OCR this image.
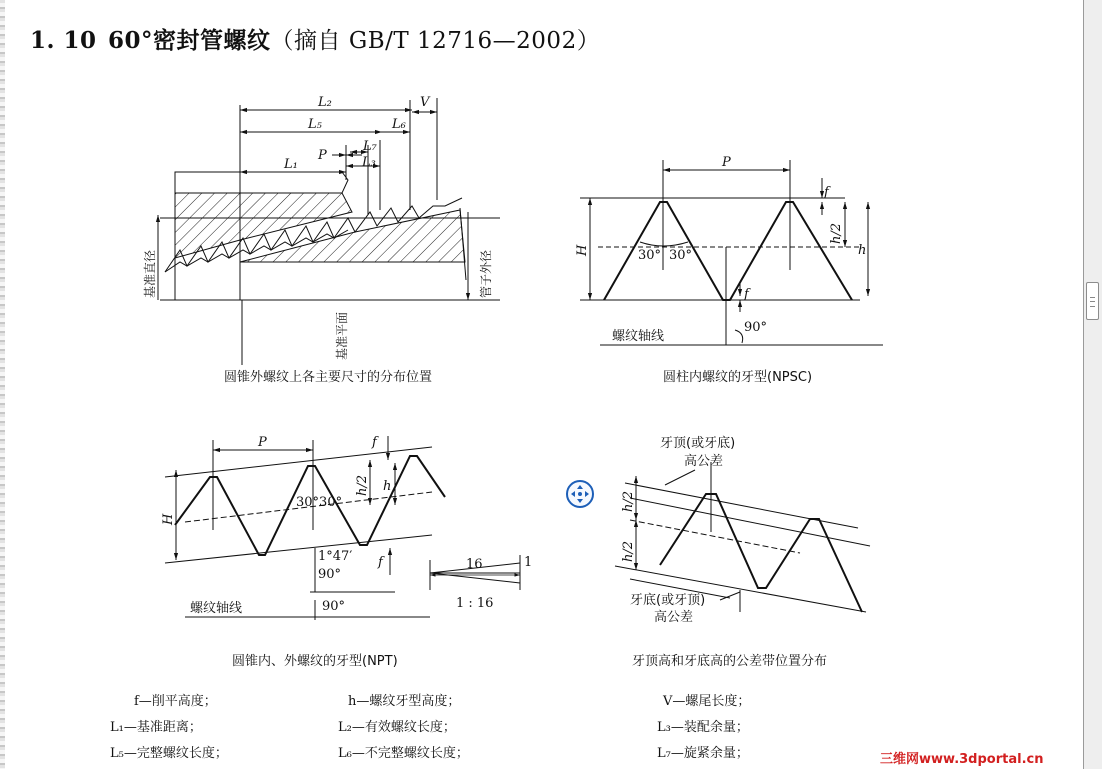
1. 10 60°密封管螺纹（摘自 GB/T 12716—2002）
L₂
L₅	L₆
V
L₇
P
L₁	L₃
基准直径
基准平面
管子外径
P
f
h/2
h
H	30° 30°
f
90°
螺纹轴线
P	f
h/2 h
H
30°30°
1°47′
90°
f
螺纹轴线	90°
16	1
1 : 16
牙顶(或牙底)
高公差
h/2
h/2
牙底(或牙顶)
高公差
圆锥外螺纹上各主要尺寸的分布位置	圆柱内螺纹的牙型(NPSC)
圆锥内、外螺纹的牙型(NPT)	牙顶高和牙底高的公差带位置分布
f—削平高度；	h—螺纹牙型高度；	V—螺尾长度；
L₁—基准距离；	L₂—有效螺纹长度；	L₃—装配余量；
L₅—完整螺纹长度；	L₆—不完整螺纹长度；	L₇—旋紧余量；	三维网www.3dportal.cn
